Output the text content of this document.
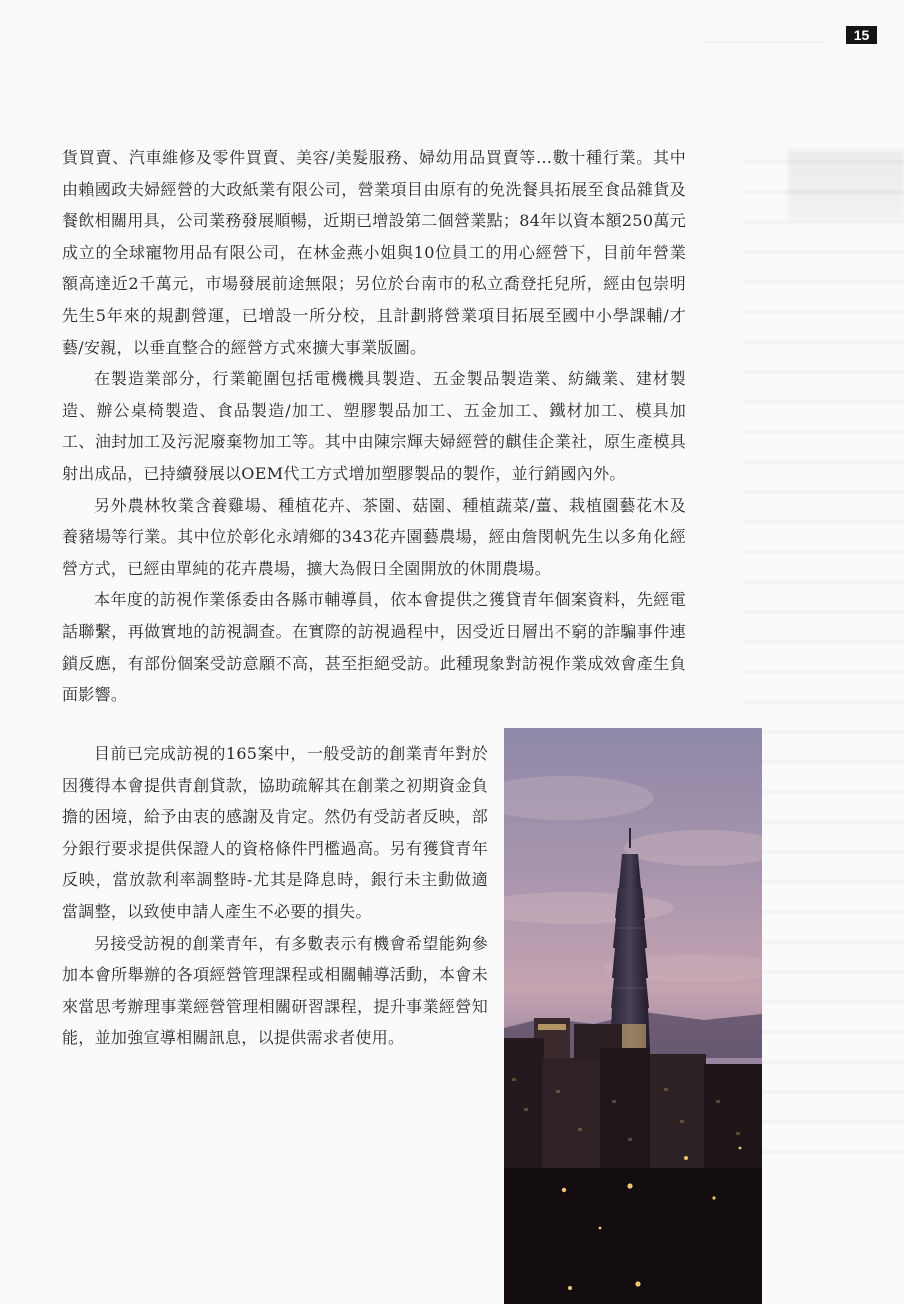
15

貨買賣、汽車維修及零件買賣、美容/美髮服務、婦幼用品買賣等…數十種行業。其中由賴國政夫婦經營的大政紙業有限公司，營業項目由原有的免洗餐具拓展至食品雜貨及餐飲相關用具，公司業務發展順暢，近期已增設第二個營業點；84年以資本額250萬元成立的全球寵物用品有限公司，在林金燕小姐與10位員工的用心經營下，目前年營業額高達近2千萬元，市場發展前途無限；另位於台南市的私立喬登托兒所，經由包崇明先生5年來的規劃營運，已增設一所分校，且計劃將營業項目拓展至國中小學課輔/才藝/安親，以垂直整合的經營方式來擴大事業版圖。

在製造業部分，行業範圍包括電機機具製造、五金製品製造業、紡織業、建材製造、辦公桌椅製造、食品製造/加工、塑膠製品加工、五金加工、鐵材加工、模具加工、油封加工及污泥廢棄物加工等。其中由陳宗輝夫婦經營的麒佳企業社，原生產模具射出成品，已持續發展以OEM代工方式增加塑膠製品的製作，並行銷國內外。

另外農林牧業含養雞場、種植花卉、茶園、菇園、種植蔬菜/薑、栽植園藝花木及養豬場等行業。其中位於彰化永靖鄉的343花卉園藝農場，經由詹閔帆先生以多角化經營方式，已經由單純的花卉農場，擴大為假日全園開放的休閒農場。

本年度的訪視作業係委由各縣市輔導員，依本會提供之獲貸青年個案資料，先經電話聯繫，再做實地的訪視調查。在實際的訪視過程中，因受近日層出不窮的詐騙事件連鎖反應，有部份個案受訪意願不高，甚至拒絕受訪。此種現象對訪視作業成效會產生負面影響。

目前已完成訪視的165案中，一般受訪的創業青年對於因獲得本會提供青創貸款，協助疏解其在創業之初期資金負擔的困境，給予由衷的感謝及肯定。然仍有受訪者反映，部分銀行要求提供保證人的資格條件門檻過高。另有獲貸青年反映，當放款利率調整時-尤其是降息時，銀行未主動做適當調整，以致使申請人產生不必要的損失。

另接受訪視的創業青年，有多數表示有機會希望能夠參加本會所舉辦的各項經營管理課程或相關輔導活動，本會未來當思考辦理事業經營管理相關研習課程，提升事業經營知能，並加強宣導相關訊息，以提供需求者使用。
